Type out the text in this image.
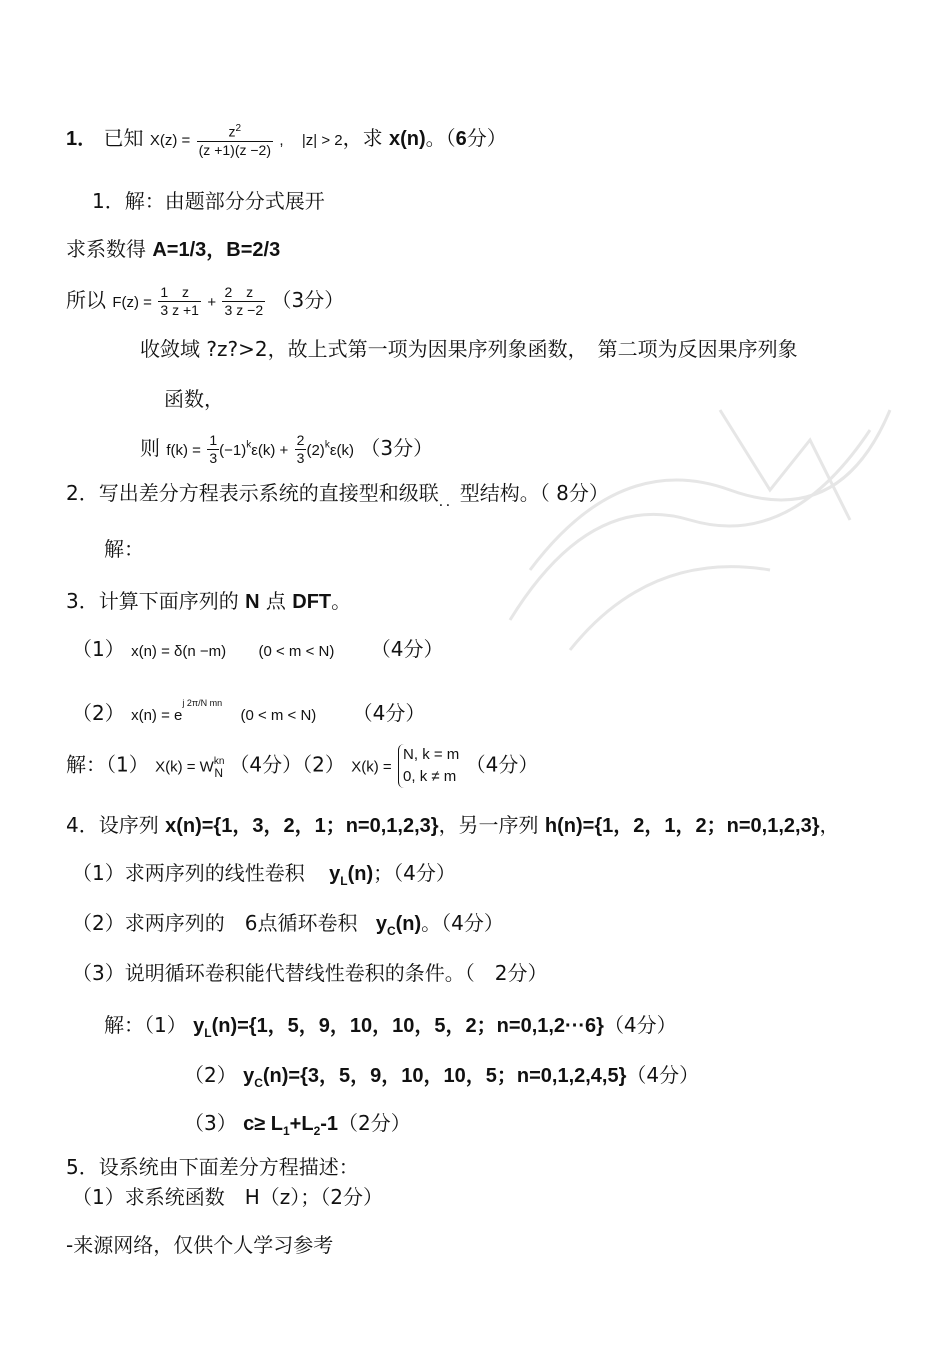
1． 已知 $X(z) = \frac{z^2}{(z +1)(z -2)}$ , |z| > 2，求 x(n)。（6分）
1．解：由题部分分式展开
求系数得 A=1/3，B=2/3
所以 $F(z) = \frac{1}{3} \frac{z}{z +1} + \frac{2}{3} \frac{z}{z -2} (3$分）
收敛域 ?z?>2，故上式第一项为因果序列象函数，　第二项为反因果序列象
函数，
则 $f(k) = \frac{1}{3} (-1)^k\varepsilon(k) + \frac{2}{3} (2)^k\varepsilon(k)$ （3分）
2．写出差分方程表示系统的直接型和级联$_{..}$型结构。（ 8分）
解：
3．计算下面序列的 N 点 DFT。
（1） x(n) = δ(n −m) (0 < m < N) （4分）
（2） $x(n) = e^{j 2\pi/N mn}$ (0 < m < N) （4分）
解：（1） $X(k) = W^{kn}_N$ （4分）（2） X(k) =
N, k = m
0, k ≠ m （4分）
4．设序列 x(n)={1，3，2，1；n=0,1,2,3}，另一序列 h(n)={1，2，1，2；n=0,1,2,3}，
（1）求两序列的线性卷积 $y_L(n)$；（4分）
（2）求两序列的　6点循环卷积 $y_C(n)$。（4分）
（3）说明循环卷积能代替线性卷积的条件。（　2分）
解：（1） $y_L(n)=\{1$，5，9，10，10，5，2；n=0,1,2···6}（4分）
（2） $y_C(n)=\{3$，5，9，10，10，5；n=0,1,2,4,5}（4分）
（3） $c\ge L_1+L_2-1(2$分）
5．设系统由下面差分方程描述：
（1）求系统函数　H（z）；（2分）
-来源网络，仅供个人学习参考
